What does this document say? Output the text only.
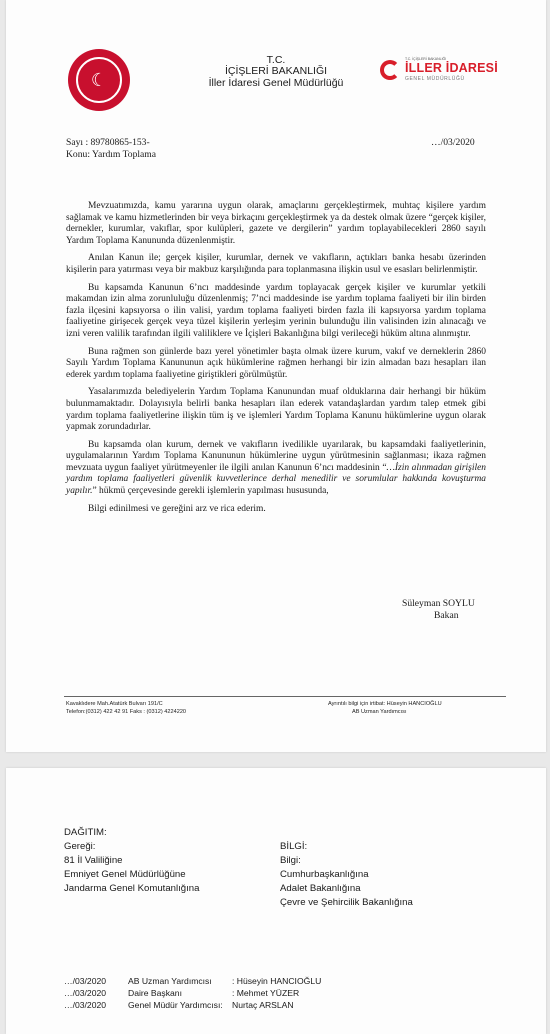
☾
T.C.
İÇİŞLERİ BAKANLIĞI
İller İdaresi Genel Müdürlüğü
T.C. İÇİŞLERİ BAKANLIĞI
İLLER İDARESİ
GENEL MÜDÜRLÜĞÜ
Sayı : 89780865-153-
Konu: Yardım Toplama
…/03/2020

Mevzuatımızda, kamu yararına uygun olarak, amaçlarını gerçekleştirmek, muhtaç kişilere yardım sağlamak ve kamu hizmetlerinden bir veya birkaçını gerçekleştirmek ya da destek olmak üzere “gerçek kişiler, dernekler, kurumlar, vakıflar, spor kulüpleri, gazete ve dergilerin” yardım toplayabilecekleri 2860 sayılı Yardım Toplama Kanununda düzenlenmiştir.

Anılan Kanun ile; gerçek kişiler, kurumlar, dernek ve vakıfların, açtıkları banka hesabı üzerinden kişilerin para yatırması veya bir makbuz karşılığında para toplanmasına ilişkin usul ve esasları belirlenmiştir.

Bu kapsamda Kanunun 6’ncı maddesinde yardım toplayacak gerçek kişiler ve kurumlar yetkili makamdan izin alma zorunluluğu düzenlenmiş; 7’nci maddesinde ise yardım toplama faaliyeti bir ilin birden fazla ilçesini kapsıyorsa o ilin valisi, yardım toplama faaliyeti birden fazla ili kapsıyorsa yardım toplama faaliyetine girişecek gerçek veya tüzel kişilerin yerleşim yerinin bulunduğu ilin valisinden izin alınacağı ve izni veren valilik tarafından ilgili valiliklere ve İçişleri Bakanlığına bilgi verileceği hüküm altına alınmıştır.

Buna rağmen son günlerde bazı yerel yönetimler başta olmak üzere kurum, vakıf ve derneklerin 2860 Sayılı Yardım Toplama Kanununun açık hükümlerine rağmen herhangi bir izin almadan bazı hesapları ilan ederek yardım toplama faaliyetine giriştikleri görülmüştür.

Yasalarımızda belediyelerin Yardım Toplama Kanunundan muaf olduklarına dair herhangi bir hüküm bulunmamaktadır. Dolayısıyla belirli banka hesapları ilan ederek vatandaşlardan yardım talep etmek gibi yardım toplama faaliyetlerine ilişkin tüm iş ve işlemleri Yardım Toplama Kanunu hükümlerine uygun olarak yapmak zorundadırlar.

Bu kapsamda olan kurum, dernek ve vakıfların ivedilikle uyarılarak, bu kapsamdaki faaliyetlerinin, uygulamalarının Yardım Toplama Kanununun hükümlerine uygun yürütmesinin sağlanması; ikaza rağmen mevzuata uygun faaliyet yürütmeyenler ile ilgili anılan Kanunun 6’ncı maddesinin “…İzin alınmadan girişilen yardım toplama faaliyetleri güvenlik kuvvetlerince derhal menedilir ve sorumlular hakkında kovuşturma yapılır.” hükmü çerçevesinde gerekli işlemlerin yapılması hususunda,

Bilgi edinilmesi ve gereğini arz ve rica ederim.

Süleyman SOYLU
Bakan
Kavaklıdere Mah.Atatürk Bulvarı 191/C
Telefon:(0312) 422 42 91 Faks : (0312) 4224220
Ayrıntılı bilgi için irtibat: Hüseyin HANCIOĞLU
AB Uzman Yardımcısı
DAĞITIM:
Gereği:
81 İl Valiliğine
Emniyet Genel Müdürlüğüne
Jandarma Genel Komutanlığına
BİLGİ:
Bilgi:
Cumhurbaşkanlığına
Adalet Bakanlığına
Çevre ve Şehircilik Bakanlığına
…/03/2020	AB Uzman Yardımcısı : Hüseyin HANCIOĞLU
…/03/2020	Daire Başkanı	: Mehmet YÜZER
…/03/2020	Genel Müdür Yardımcısı: Nurtaç ARSLAN
